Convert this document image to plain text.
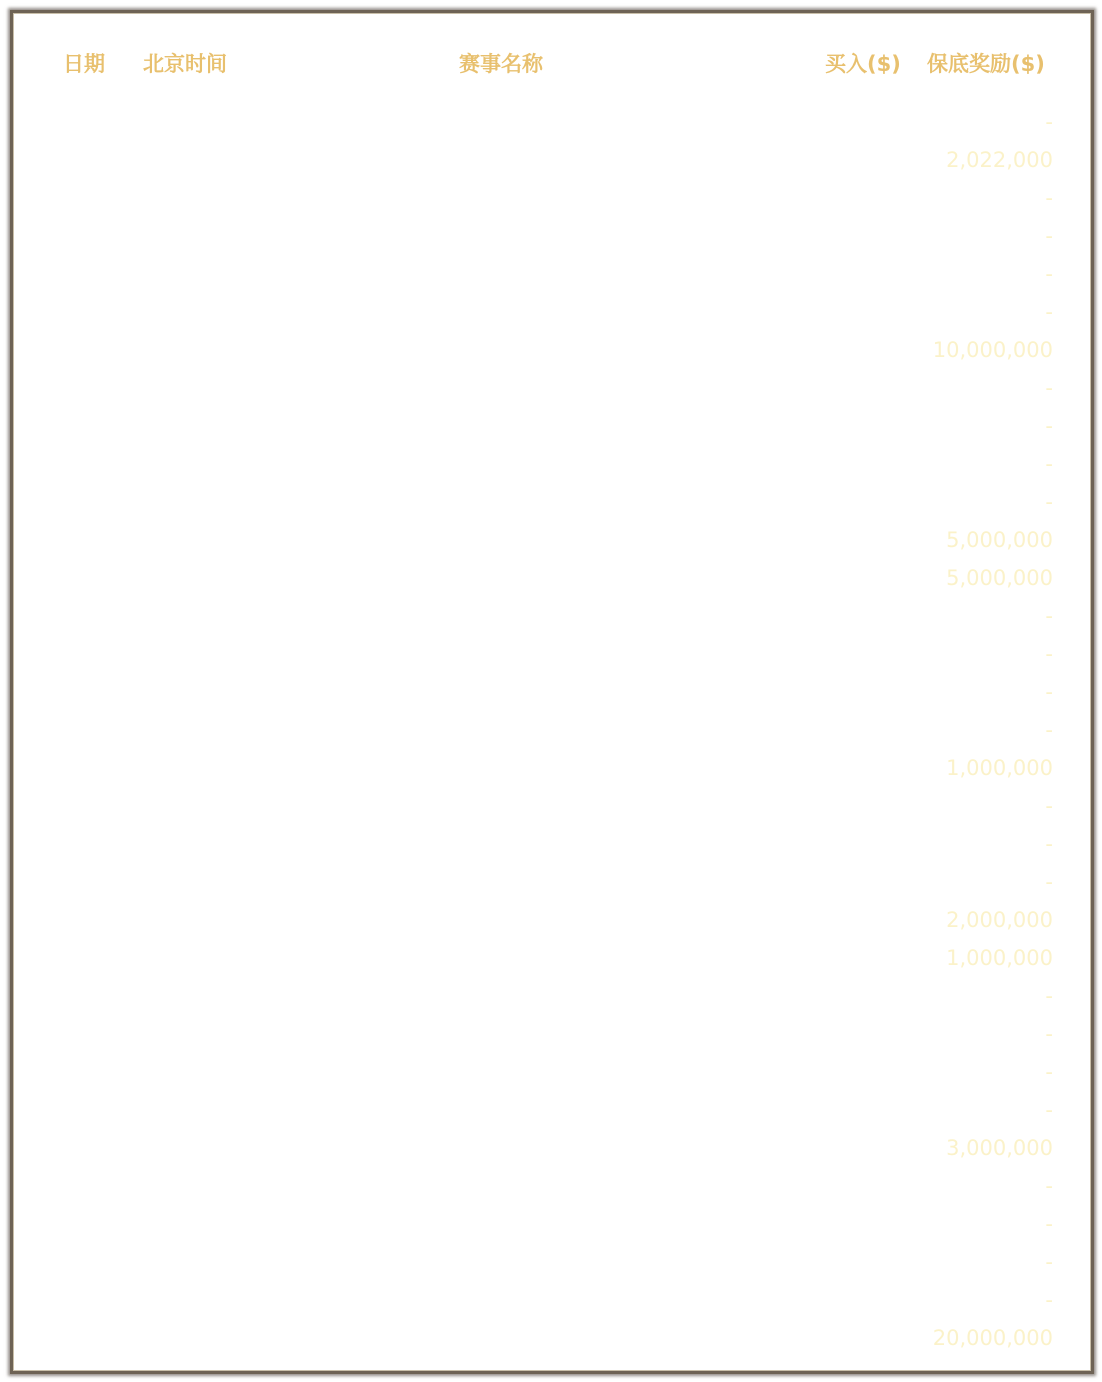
日期 北京时间	赛事名称	买入($) 保底奖励($)
-
2,022,000
-
-
-
-
10,000,000
-
-
-
-
5,000,000
5,000,000
-
-
-
-
1,000,000
-
-
-
2,000,000
1,000,000
-
-
-
-
3,000,000
-
-
-
-
20,000,000
